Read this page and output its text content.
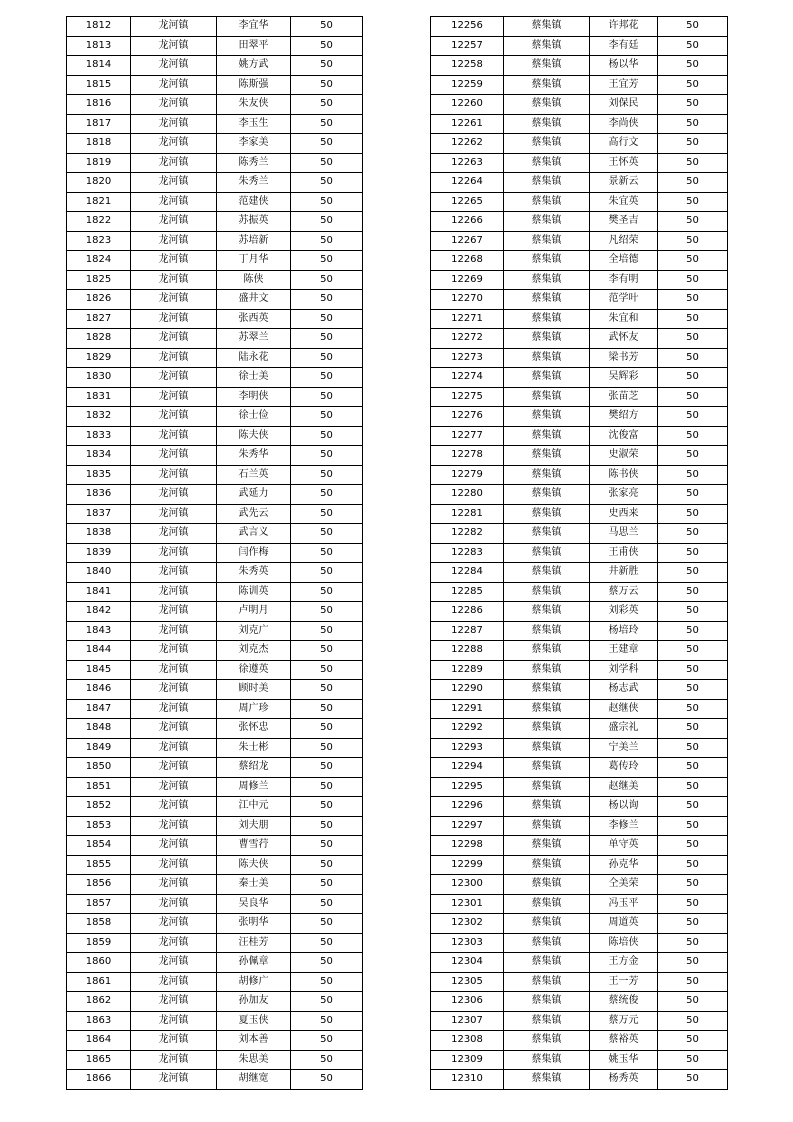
1812	龙河镇	李宜华	50
1813	龙河镇	田翠平	50
1814	龙河镇	姚方武	50
1815	龙河镇	陈斯强	50
1816	龙河镇	朱友侠	50
1817	龙河镇	李玉生	50
1818	龙河镇	李家美	50
1819	龙河镇	陈秀兰	50
1820	龙河镇	朱秀兰	50
1821	龙河镇	范建侠	50
1822	龙河镇	苏振英	50
1823	龙河镇	苏培新	50
1824	龙河镇	丁月华	50
1825	龙河镇	陈侠	50
1826	龙河镇	盛井文	50
1827	龙河镇	张西英	50
1828	龙河镇	苏翠兰	50
1829	龙河镇	陆永花	50
1830	龙河镇	徐士美	50
1831	龙河镇	李明侠	50
1832	龙河镇	徐士俭	50
1833	龙河镇	陈夫侠	50
1834	龙河镇	朱秀华	50
1835	龙河镇	石兰英	50
1836	龙河镇	武延力	50
1837	龙河镇	武先云	50
1838	龙河镇	武言义	50
1839	龙河镇	闫作梅	50
1840	龙河镇	朱秀英	50
1841	龙河镇	陈训英	50
1842	龙河镇	卢明月	50
1843	龙河镇	刘克广	50
1844	龙河镇	刘克杰	50
1845	龙河镇	徐遵英	50
1846	龙河镇	顾时美	50
1847	龙河镇	周广珍	50
1848	龙河镇	张怀忠	50
1849	龙河镇	朱士彬	50
1850	龙河镇	蔡绍龙	50
1851	龙河镇	周修兰	50
1852	龙河镇	江中元	50
1853	龙河镇	刘夫朋	50
1854	龙河镇	曹雪荇	50
1855	龙河镇	陈夫侠	50
1856	龙河镇	秦士美	50
1857	龙河镇	吴良华	50
1858	龙河镇	张明华	50
1859	龙河镇	汪桂芳	50
1860	龙河镇	孙佩章	50
1861	龙河镇	胡修广	50
1862	龙河镇	孙加友	50
1863	龙河镇	夏玉侠	50
1864	龙河镇	刘本善	50
1865	龙河镇	朱思美	50
1866	龙河镇	胡继宽	50
12256	蔡集镇	许邦花	50
12257	蔡集镇	李有廷	50
12258	蔡集镇	杨以华	50
12259	蔡集镇	王宜芳	50
12260	蔡集镇	刘保民	50
12261	蔡集镇	李尚侠	50
12262	蔡集镇	高行文	50
12263	蔡集镇	王怀英	50
12264	蔡集镇	景新云	50
12265	蔡集镇	朱宜英	50
12266	蔡集镇	樊圣吉	50
12267	蔡集镇	凡绍荣	50
12268	蔡集镇	全培德	50
12269	蔡集镇	李有明	50
12270	蔡集镇	范学叶	50
12271	蔡集镇	朱宜和	50
12272	蔡集镇	武怀友	50
12273	蔡集镇	梁书芳	50
12274	蔡集镇	吴辉彩	50
12275	蔡集镇	张苗芝	50
12276	蔡集镇	樊绍方	50
12277	蔡集镇	沈俊富	50
12278	蔡集镇	史淑荣	50
12279	蔡集镇	陈书侠	50
12280	蔡集镇	张家亮	50
12281	蔡集镇	史西来	50
12282	蔡集镇	马思兰	50
12283	蔡集镇	王甫侠	50
12284	蔡集镇	井新胜	50
12285	蔡集镇	蔡万云	50
12286	蔡集镇	刘彩英	50
12287	蔡集镇	杨培玲	50
12288	蔡集镇	王建章	50
12289	蔡集镇	刘学科	50
12290	蔡集镇	杨志武	50
12291	蔡集镇	赵继侠	50
12292	蔡集镇	盛宗礼	50
12293	蔡集镇	宁美兰	50
12294	蔡集镇	葛传玲	50
12295	蔡集镇	赵继美	50
12296	蔡集镇	杨以询	50
12297	蔡集镇	李修兰	50
12298	蔡集镇	单守英	50
12299	蔡集镇	孙克华	50
12300	蔡集镇	仝美荣	50
12301	蔡集镇	冯玉平	50
12302	蔡集镇	周道英	50
12303	蔡集镇	陈培侠	50
12304	蔡集镇	王方金	50
12305	蔡集镇	王一芳	50
12306	蔡集镇	蔡统俊	50
12307	蔡集镇	蔡万元	50
12308	蔡集镇	蔡裕英	50
12309	蔡集镇	姚玉华	50
12310	蔡集镇	杨秀英	50
